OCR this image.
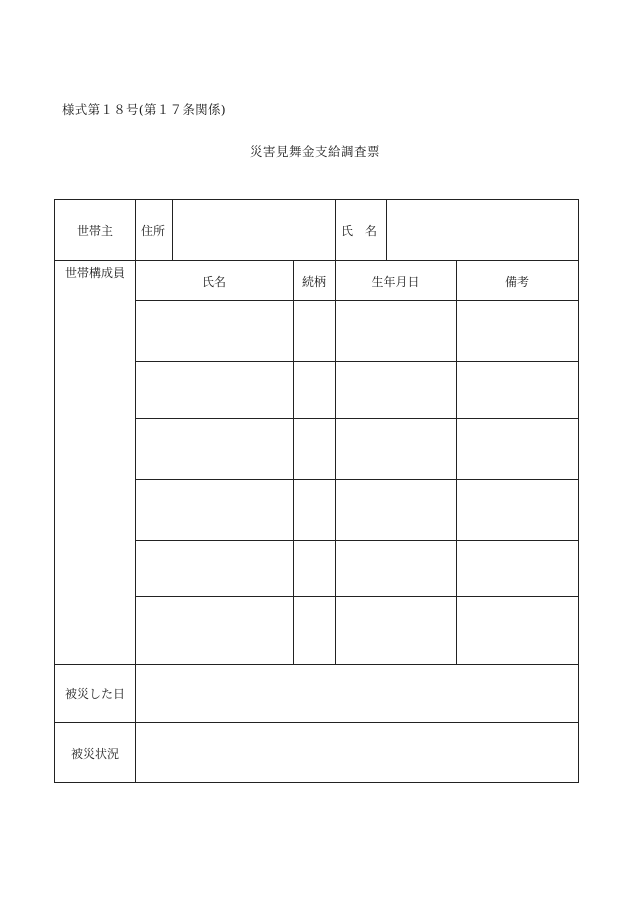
様式第１８号(第１７条関係)
災害見舞金支給調査票
世帯主	住所	氏　名
世帯構成員
氏名	続柄	生年月日	備考
被災した日
被災状況
